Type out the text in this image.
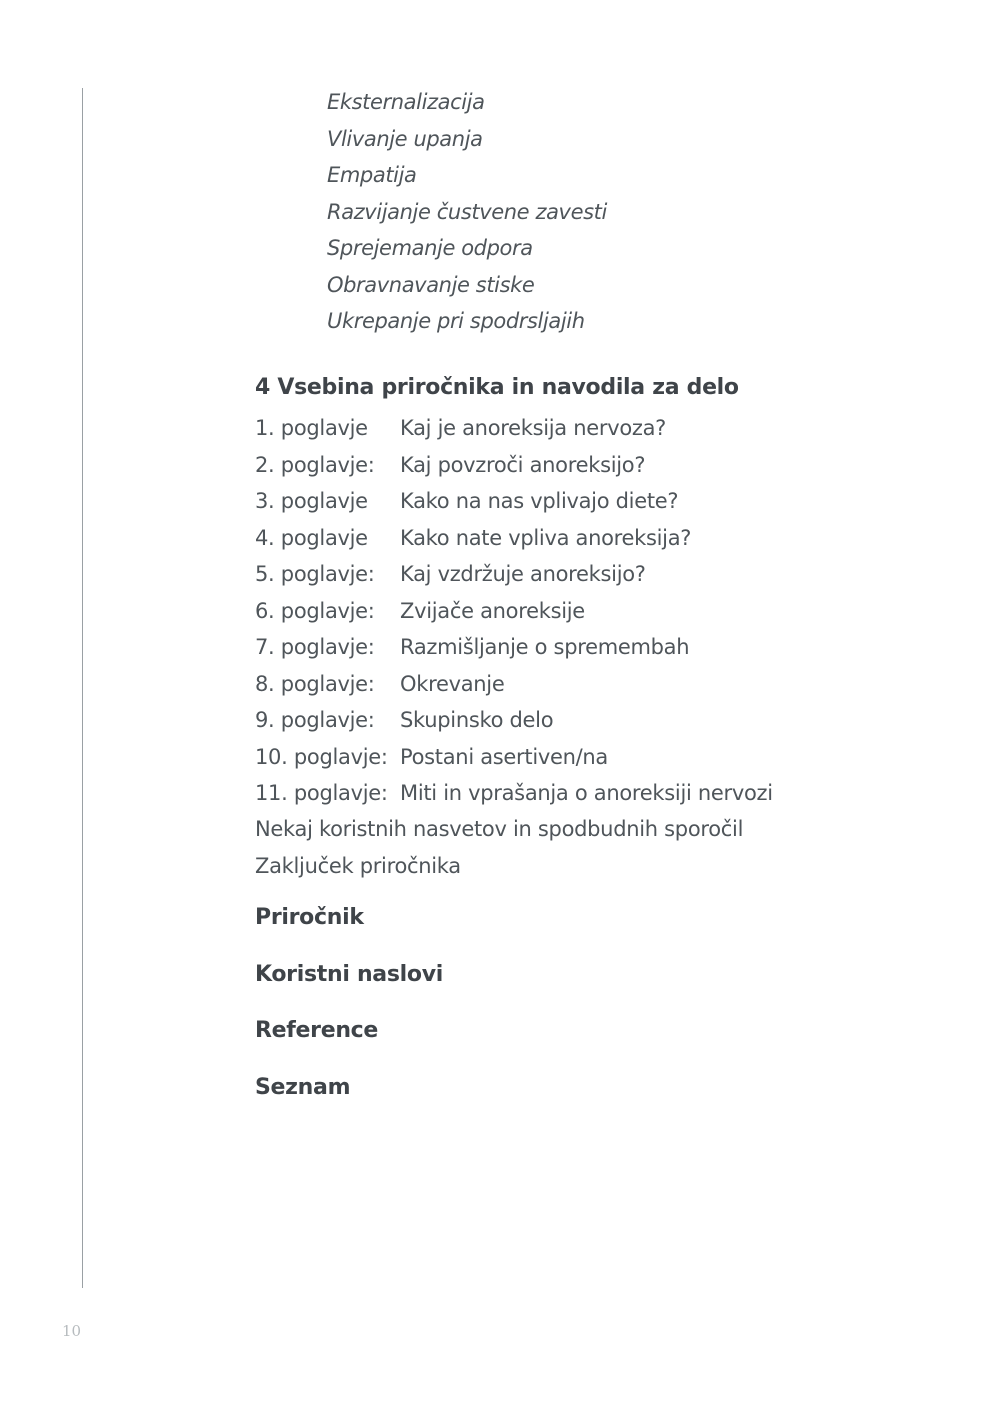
Eksternalizacija
Vlivanje upanja
Empatija
Razvijanje čustvene zavesti
Sprejemanje odpora
Obravnavanje stiske
Ukrepanje pri spodrsljajih
4 Vsebina priročnika in navodila za delo
1. poglavje	Kaj je anoreksija nervoza?
2. poglavje:	Kaj povzroči anoreksijo?
3. poglavje	Kako na nas vplivajo diete?
4. poglavje	Kako nate vpliva anoreksija?
5. poglavje:	Kaj vzdržuje anoreksijo?
6. poglavje:	Zvijače anoreksije
7. poglavje:	Razmišljanje o spremembah
8. poglavje:	Okrevanje
9. poglavje:	Skupinsko delo
10. poglavje: Postani asertiven/na
11. poglavje: Miti in vprašanja o anoreksiji nervozi
Nekaj koristnih nasvetov in spodbudnih sporočil
Zaključek priročnika
Priročnik
Koristni naslovi
Reference
Seznam
10
